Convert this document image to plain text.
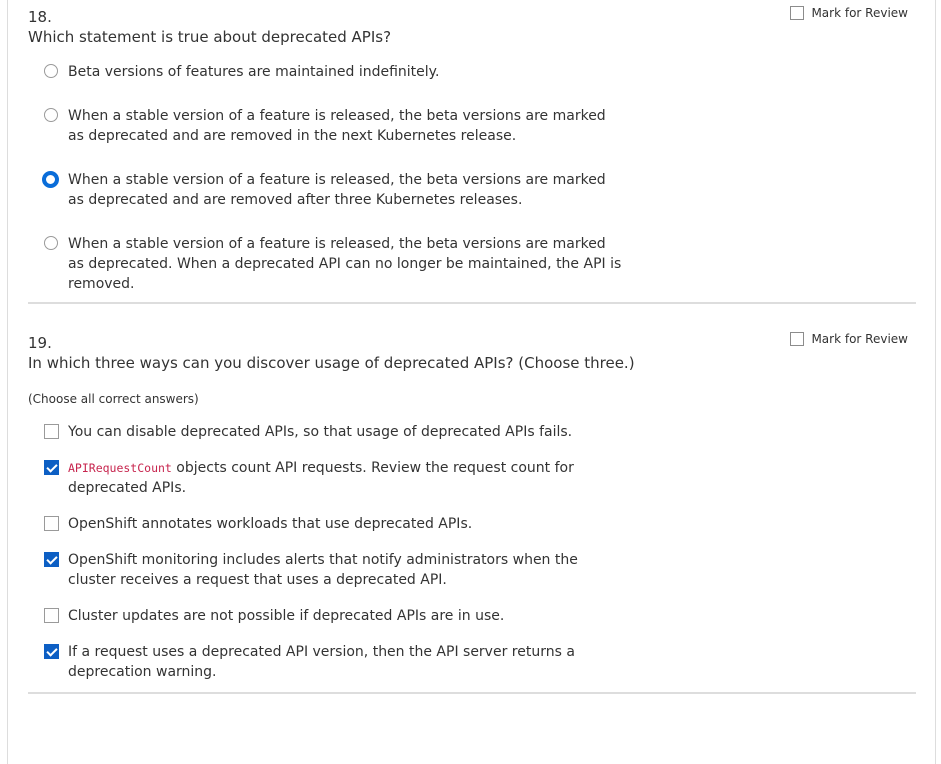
18.
Which statement is true about deprecated APIs?
Mark for Review
Beta versions of features are maintained indefinitely.
When a stable version of a feature is released, the beta versions are marked as deprecated and are removed in the next Kubernetes release.
When a stable version of a feature is released, the beta versions are marked as deprecated and are removed after three Kubernetes releases.
When a stable version of a feature is released, the beta versions are marked as deprecated. When a deprecated API can no longer be maintained, the API is removed.
19.
In which three ways can you discover usage of deprecated APIs? (Choose three.)
Mark for Review
(Choose all correct answers)
You can disable deprecated APIs, so that usage of deprecated APIs fails.
APIRequestCount objects count API requests. Review the request count for deprecated APIs.
OpenShift annotates workloads that use deprecated APIs.
OpenShift monitoring includes alerts that notify administrators when the cluster receives a request that uses a deprecated API.
Cluster updates are not possible if deprecated APIs are in use.
If a request uses a deprecated API version, then the API server returns a deprecation warning.
